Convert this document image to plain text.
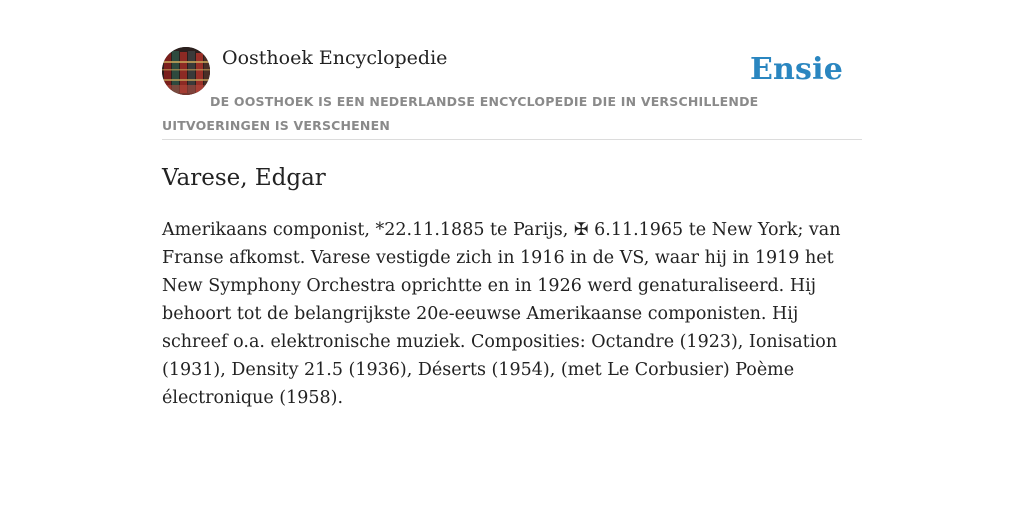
Oosthoek Encyclopedie	Ensie
DE OOSTHOEK IS EEN NEDERLANDSE ENCYCLOPEDIE DIE IN VERSCHILLENDE UITVOERINGEN IS VERSCHENEN
Varese, Edgar

Amerikaans componist, *22.11.1885 te Parijs, ✠ 6.11.1965 te New York; van Franse afkomst. Varese vestigde zich in 1916 in de VS, waar hij in 1919 het New Symphony Orchestra oprichtte en in 1926 werd genaturaliseerd. Hij behoort tot de belangrijkste 20e-eeuwse Amerikaanse componisten. Hij schreef o.a. elektronische muziek. Composities: Octandre (1923), Ionisation (1931), Density 21.5 (1936), Déserts (1954), (met Le Corbusier) Poème électronique (1958).
